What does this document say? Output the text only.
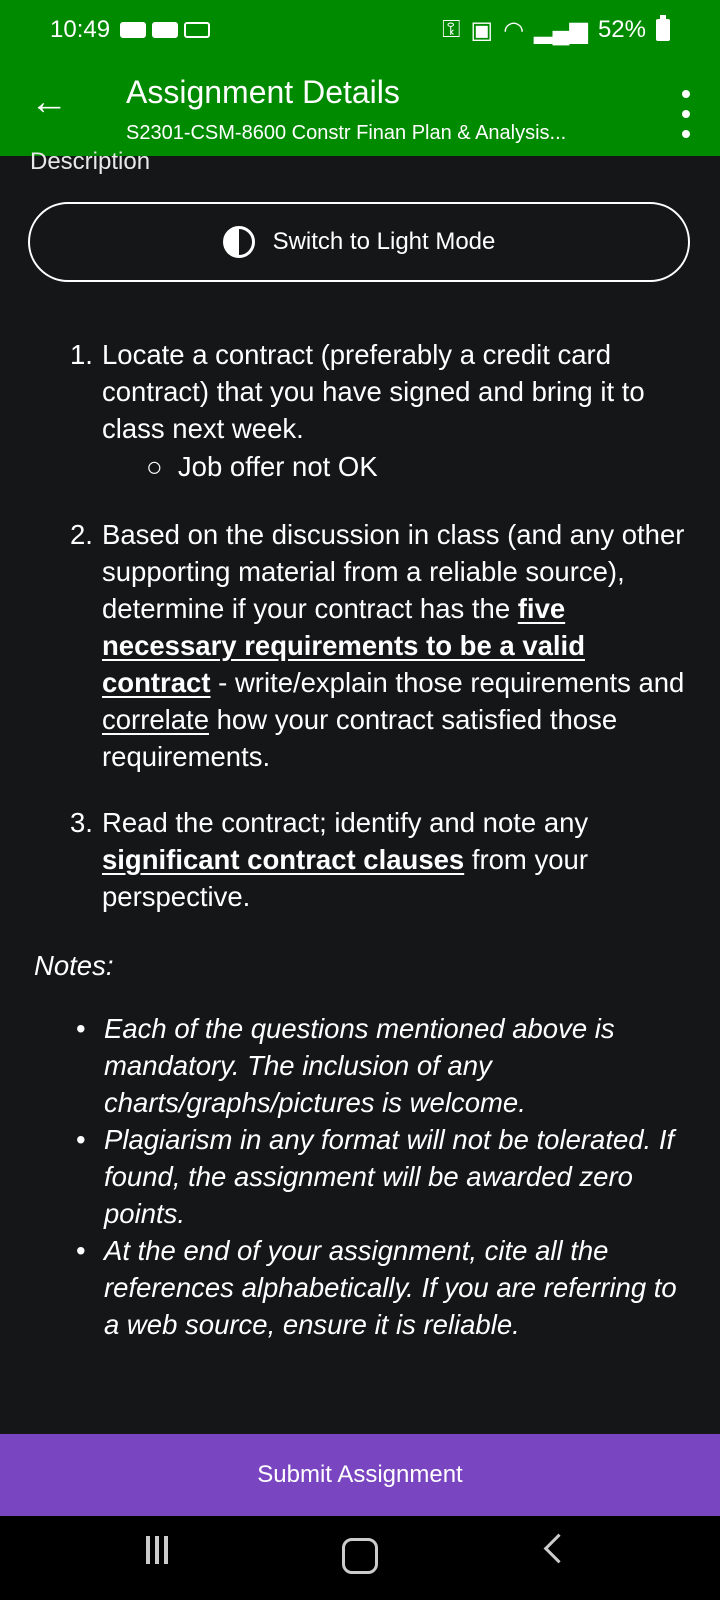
10:49	⚿ ▣ ◠ ▂▄▆ 52%
← Assignment Details
S2301-CSM-8600 Constr Finan Plan & Analysis...
Description
Switch to Light Mode
1. Locate a contract (preferably a credit card contract) that you have signed and bring it to class next week.
○  Job offer not OK
2. Based on the discussion in class (and any other supporting material from a reliable source), determine if your contract has the five necessary requirements to be a valid contract - write/explain those requirements and correlate how your contract satisfied those requirements.
3. Read the contract; identify and note any significant contract clauses from your perspective.
Notes:
• Each of the questions mentioned above is mandatory. The inclusion of any charts/graphs/pictures is welcome.
• Plagiarism in any format will not be tolerated. If found, the assignment will be awarded zero points.
• At the end of your assignment, cite all the references alphabetically. If you are referring to a web source, ensure it is reliable.
Submit Assignment
